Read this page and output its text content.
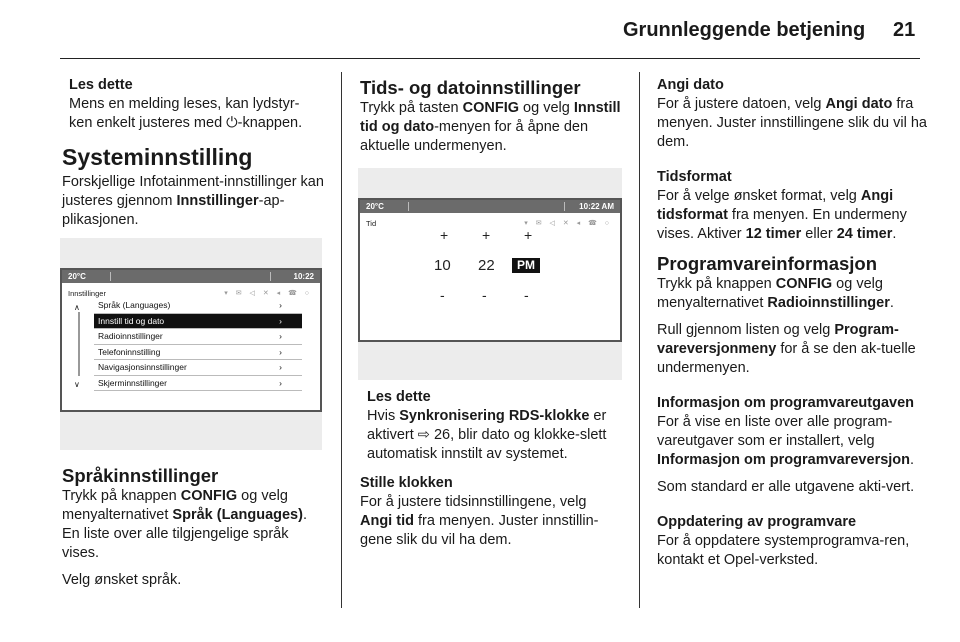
Grunnleggende betjening 21
Les dette
Mens en melding leses, kan lydstyr-
ken enkelt justeres med ⏻-knappen.
Systeminnstilling

Forskjellige Infotainment-innstillinger kan justeres gjennom Innstillinger-ap-plikasjonen.

20°C	10:22
Innstillinger	▾ ✉ ◁ ✕ ◂ ☎ ○
∧
∨
Språk (Languages)	›
Innstill tid og dato	›
Radioinnstillinger	›
Telefoninnstilling	›
Navigasjonsinnstillinger	›
Skjerminnstillinger	›
Språkinnstillinger

Trykk på knappen CONFIG og velg menyalternativet Språk (Languages). En liste over alle tilgjengelige språk vises.

Velg ønsket språk.

Tids- og datoinnstillinger

Trykk på tasten CONFIG og velg Innstill tid og dato-menyen for å åpne den aktuelle undermenyen.

20°C	10:22 AM
Tid	▾ ✉ ◁ ✕ ◂ ☎ ○
+ + +
10 22	PM
-	-	-
Les dette
Hvis Synkronisering RDS-klokke er aktivert ⇨ 26, blir dato og klokke-slett automatisk innstilt av systemet.
Stille klokken

For å justere tidsinnstillingene, velg Angi tid fra menyen. Juster innstillin-gene slik du vil ha dem.

Angi dato

For å justere datoen, velg Angi dato fra menyen. Juster innstillingene slik du vil ha dem.

Tidsformat

For å velge ønsket format, velg Angi tidsformat fra menyen. En undermeny vises. Aktiver 12 timer eller 24 timer.

Programvareinformasjon

Trykk på knappen CONFIG og velg menyalternativet Radioinnstillinger.

Rull gjennom listen og velg Program-vareversjonmeny for å se den ak-tuelle undermenyen.

Informasjon om programvareutgaven

For å vise en liste over alle program-vareutgaver som er installert, velg Informasjon om programvareversjon.

Som standard er alle utgavene akti-vert.

Oppdatering av programvare

For å oppdatere systemprogramva-ren, kontakt et Opel-verksted.
